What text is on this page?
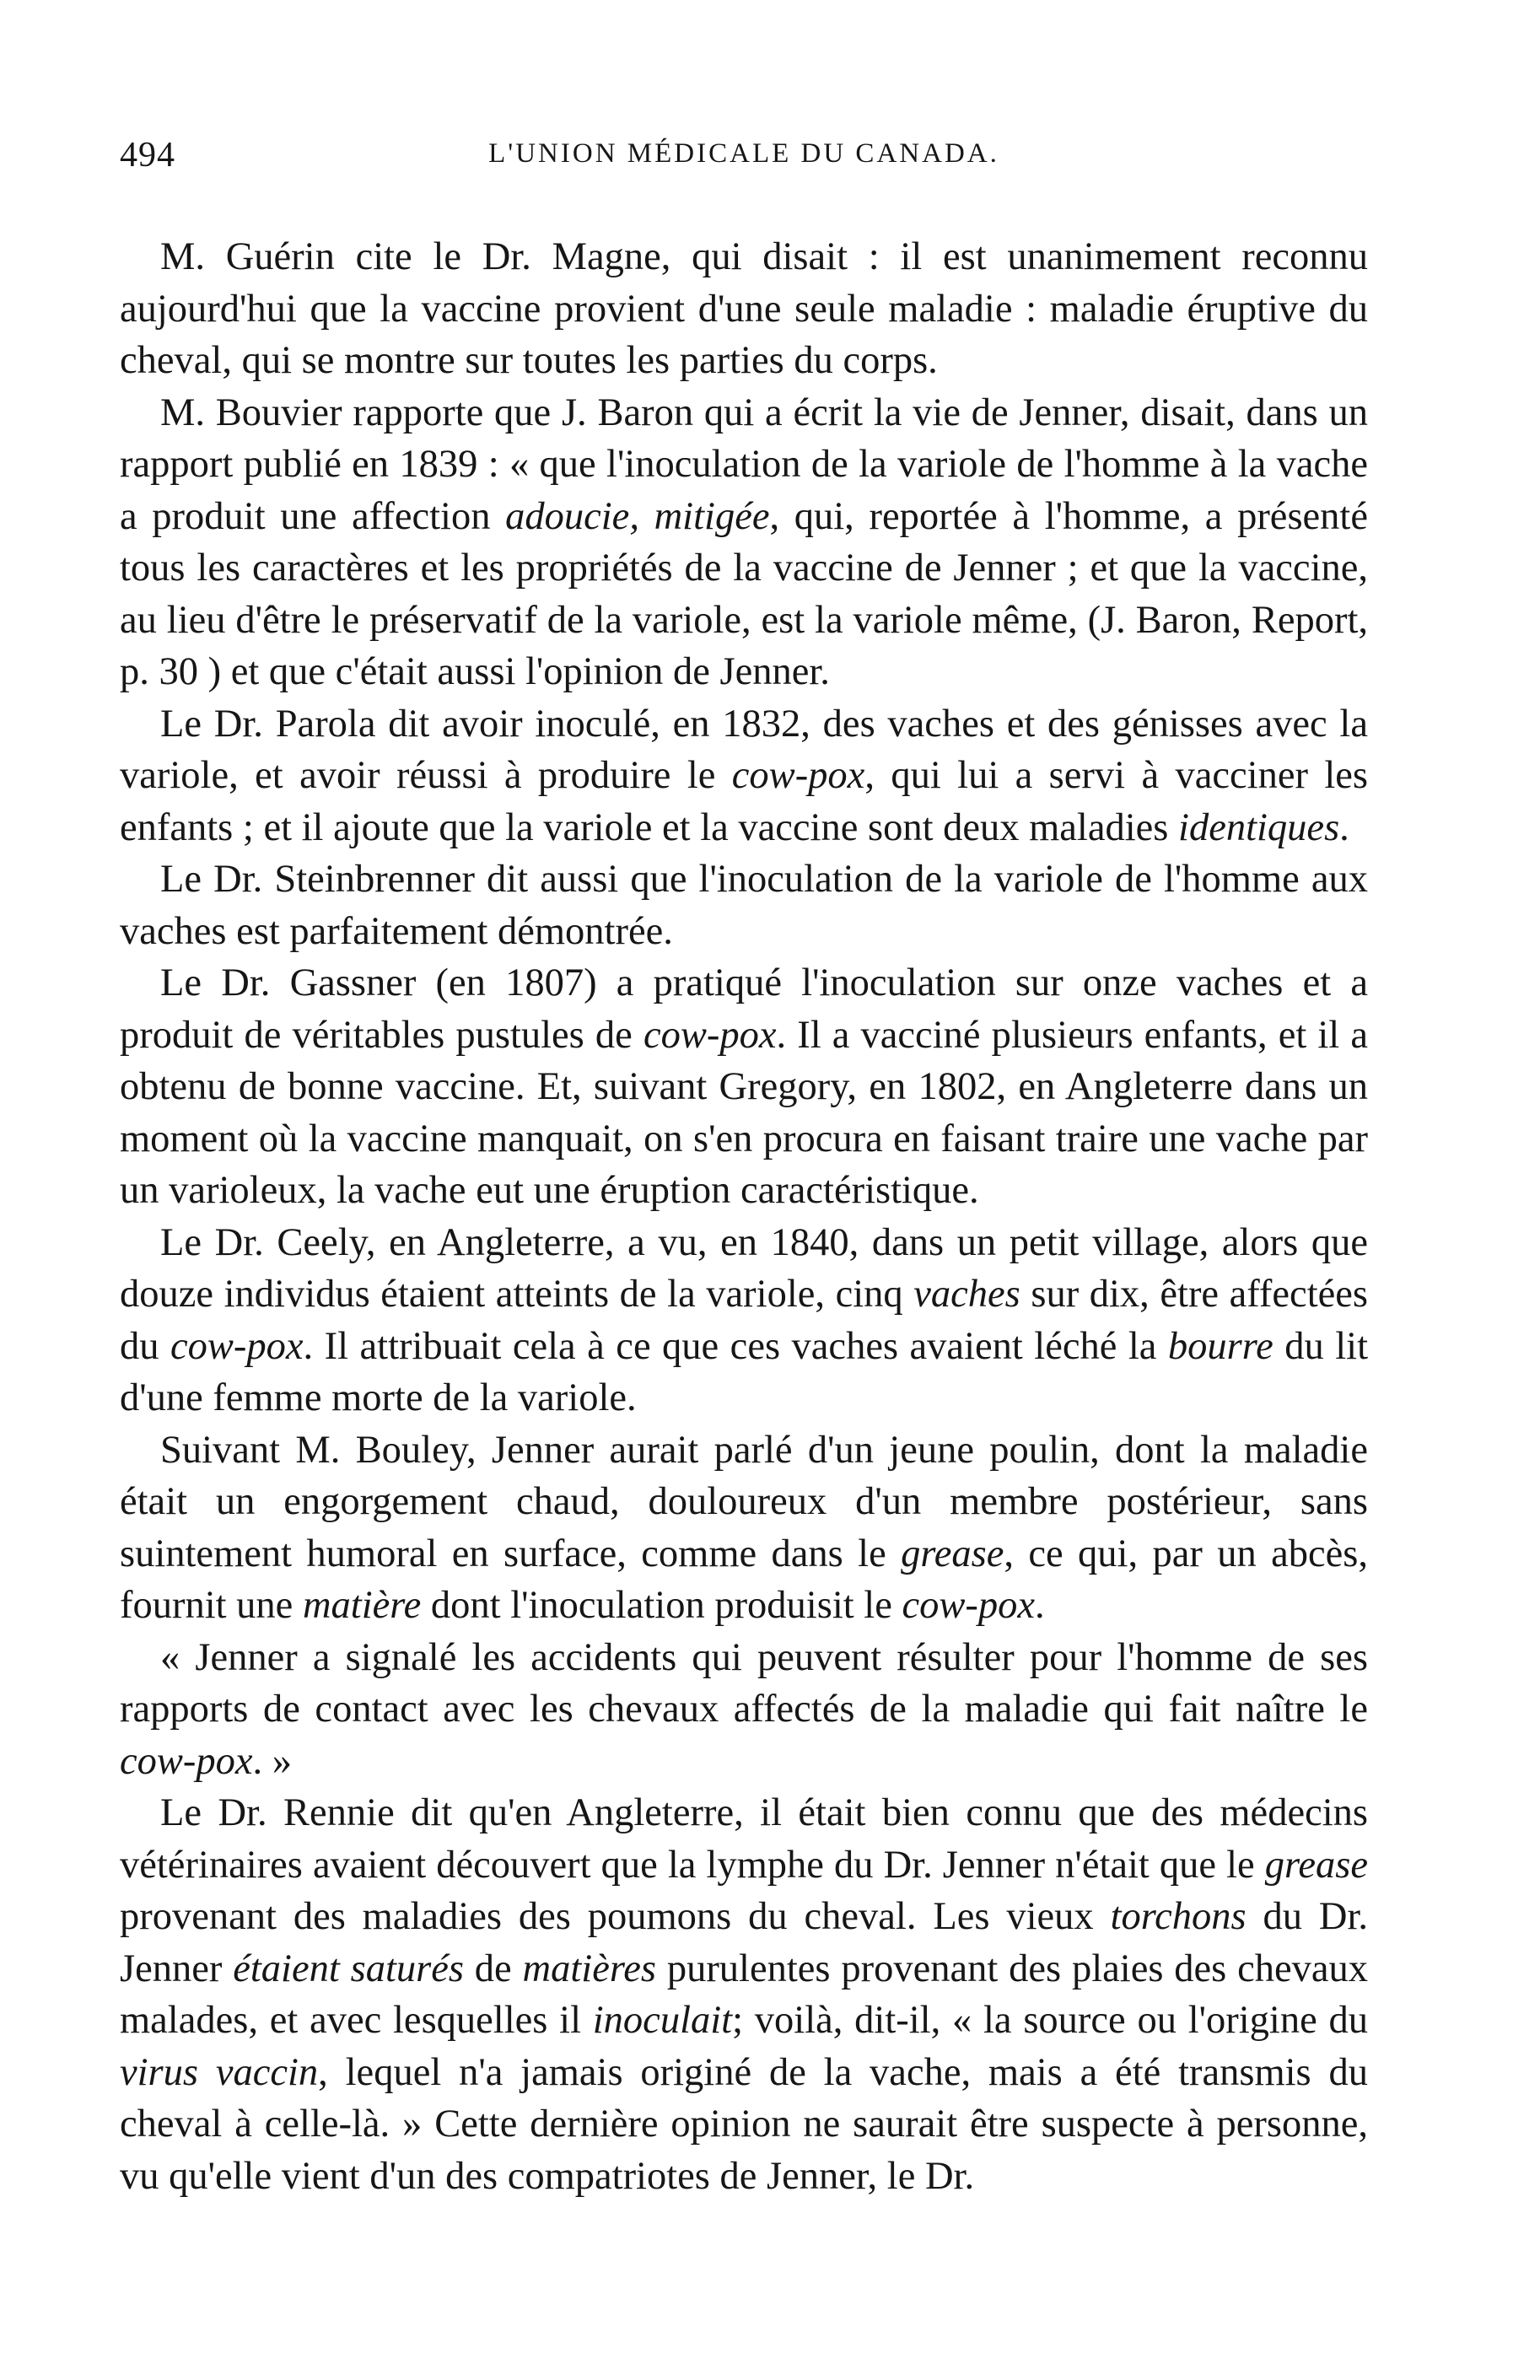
494	L'UNION MÉDICALE DU CANADA.

M. Guérin cite le Dr. Magne, qui disait : il est unanimement reconnu aujourd'hui que la vaccine provient d'une seule maladie : maladie éruptive du cheval, qui se montre sur toutes les parties du corps.

M. Bouvier rapporte que J. Baron qui a écrit la vie de Jenner, disait, dans un rapport publié en 1839 : « que l'inoculation de la variole de l'homme à la vache a produit une affection adoucie, mitigée, qui, reportée à l'homme, a présenté tous les caractères et les propriétés de la vaccine de Jenner ; et que la vaccine, au lieu d'être le préservatif de la variole, est la variole même, (J. Baron, Report, p. 30 ) et que c'était aussi l'opinion de Jenner.

Le Dr. Parola dit avoir inoculé, en 1832, des vaches et des génisses avec la variole, et avoir réussi à produire le cow-pox, qui lui a servi à vacciner les enfants ; et il ajoute que la variole et la vaccine sont deux maladies identiques.

Le Dr. Steinbrenner dit aussi que l'inoculation de la variole de l'homme aux vaches est parfaitement démontrée.

Le Dr. Gassner (en 1807) a pratiqué l'inoculation sur onze vaches et a produit de véritables pustules de cow-pox. Il a vacciné plusieurs enfants, et il a obtenu de bonne vaccine. Et, suivant Gregory, en 1802, en Angleterre dans un moment où la vaccine manquait, on s'en procura en faisant traire une vache par un varioleux, la vache eut une éruption caractéristique.

Le Dr. Ceely, en Angleterre, a vu, en 1840, dans un petit village, alors que douze individus étaient atteints de la variole, cinq vaches sur dix, être affectées du cow-pox. Il attribuait cela à ce que ces vaches avaient léché la bourre du lit d'une femme morte de la variole.

Suivant M. Bouley, Jenner aurait parlé d'un jeune poulin, dont la maladie était un engorgement chaud, douloureux d'un membre postérieur, sans suintement humoral en surface, comme dans le grease, ce qui, par un abcès, fournit une matière dont l'inoculation produisit le cow-pox.

« Jenner a signalé les accidents qui peuvent résulter pour l'homme de ses rapports de contact avec les chevaux affectés de la maladie qui fait naître le cow-pox. »

Le Dr. Rennie dit qu'en Angleterre, il était bien connu que des médecins vétérinaires avaient découvert que la lymphe du Dr. Jenner n'était que le grease provenant des maladies des poumons du cheval. Les vieux torchons du Dr. Jenner étaient saturés de matières purulentes provenant des plaies des chevaux malades, et avec lesquelles il inoculait; voilà, dit-il, « la source ou l'origine du virus vaccin, lequel n'a jamais originé de la vache, mais a été transmis du cheval à celle-là. » Cette dernière opinion ne saurait être suspecte à personne, vu qu'elle vient d'un des compatriotes de Jenner, le Dr.
